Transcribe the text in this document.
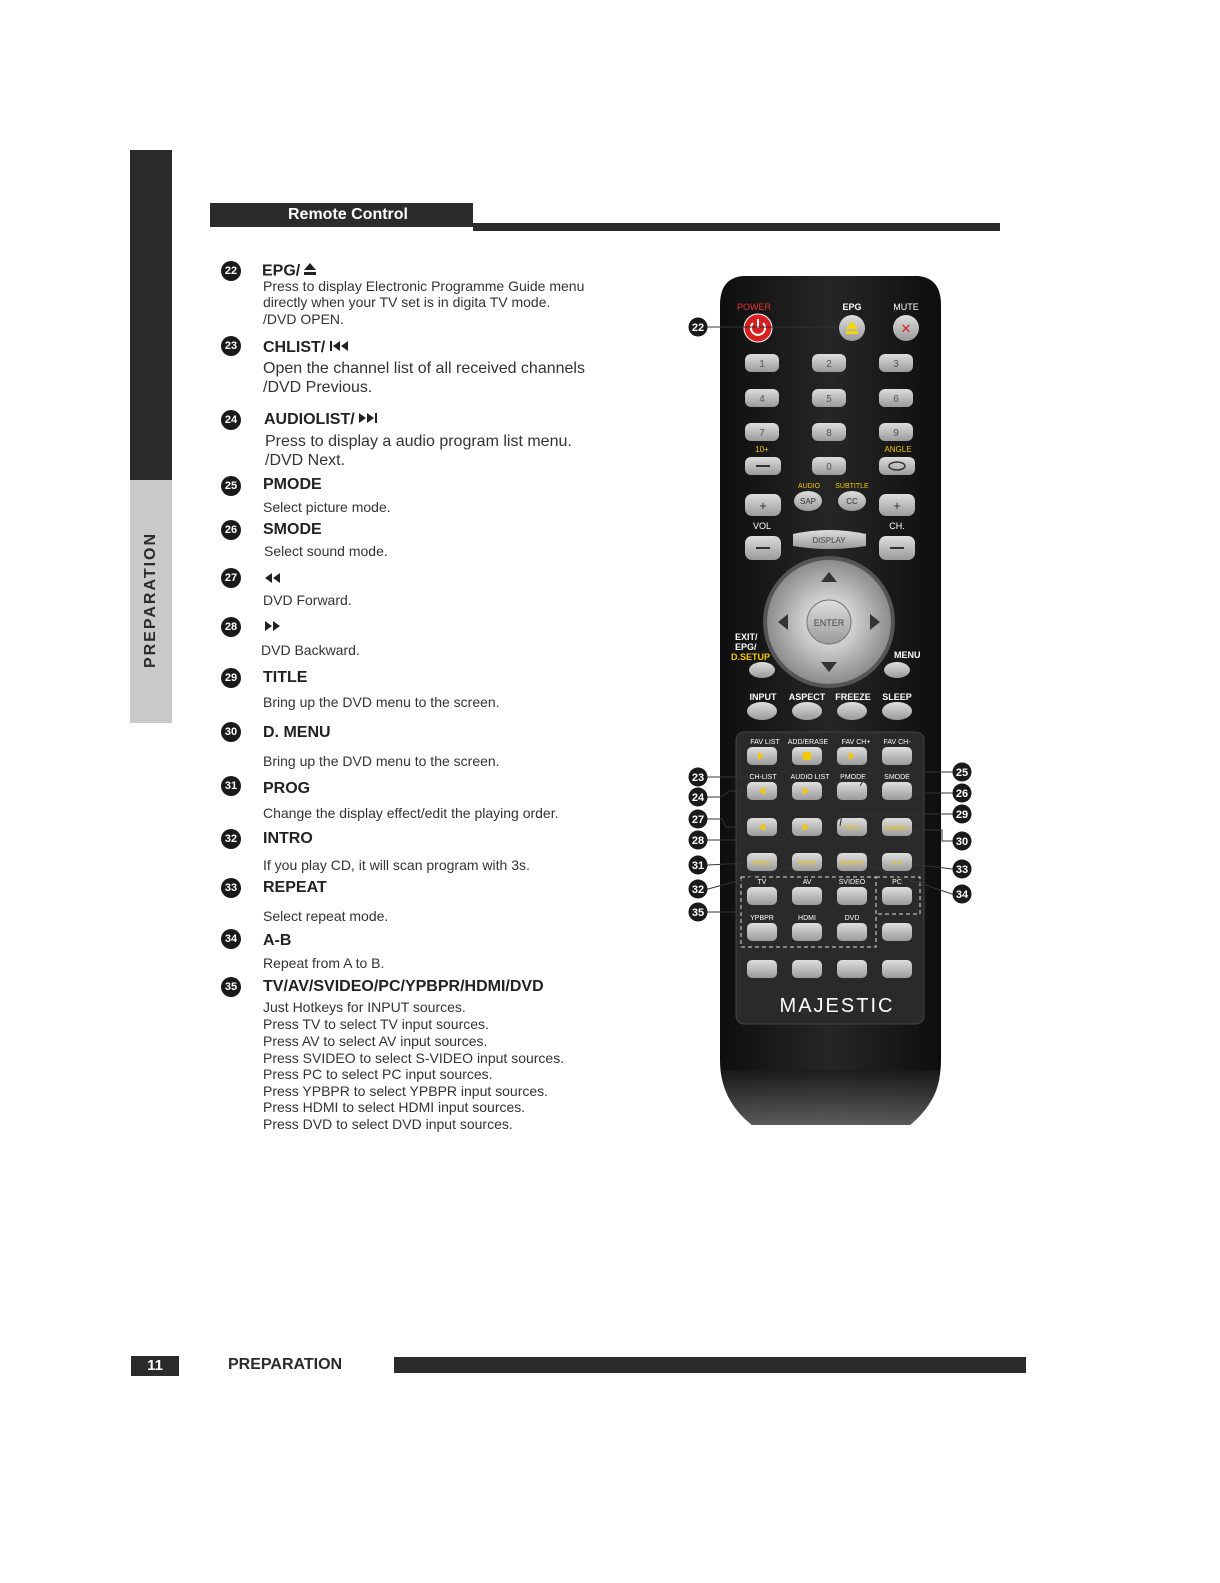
PREPARATION
Remote Control
22 EPG/
Press to display Electronic Programme Guide menu
directly when your TV set is in digita TV mode.
/DVD OPEN.
23 CHLIST/
Open the channel list of all received channels
/DVD Previous.
24 AUDIOLIST/
Press to display a audio program list menu.
/DVD Next.
25 PMODE
Select picture mode.
26 SMODE
Select sound mode.
27
DVD Forward.
28
DVD Backward.
29 TITLE
Bring up the DVD menu to the screen.
30 D. MENU
Bring up the DVD menu to the screen.
31 PROG
Change the display effect/edit the playing order.
32 INTRO
If you play CD, it will scan program with 3s.
33 REPEAT
Select repeat mode.
34 A-B
Repeat from A to B.
35 TV/AV/SVIDEO/PC/YPBPR/HDMI/DVD
Just Hotkeys for INPUT sources.
Press TV to select TV input sources.
Press AV to select AV input sources.
Press SVIDEO to select S-VIDEO input sources.
Press PC to select PC input sources.
Press YPBPR to select YPBPR input sources.
Press HDMI to select HDMI input sources.
Press DVD to select DVD input sources.
POWER	EPG	MUTE
✕
1	2	3
4	5	6
7	8	9
0
10+	ANGLE
AUDIO SUBTITLE
+	SAP	CC	+
VOL	CH.
DISPLAY
ENTER
EXIT/
EPG/
D.SETUP	MENU
INPUT ASPECT FREEZE SLEEP
FAV LIST ADD/ERASE FAV CH+ FAV CH-
CH-LIST AUDIO LIST PMODE	SMODE
TITLE	D.MENU
PROG	INTRO	REPEAT	A-B
TV	AV	SVIDEO	PC
YPBPR	HDMI	DVD
MAJESTIC
22
23
24
25
26
27
28
29
30
31
32
33
34
35
11	PREPARATION
